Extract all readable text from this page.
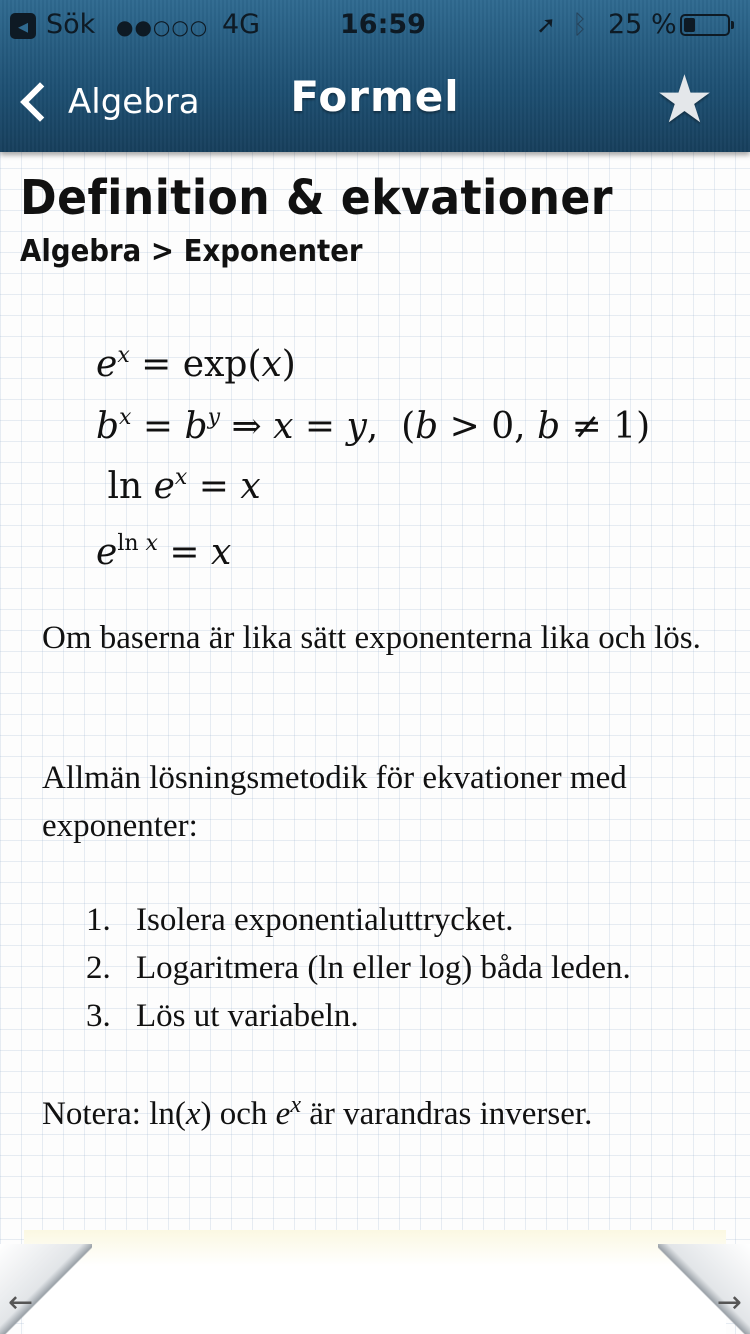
◂ Sök ●●○○○ 4G	16:59	➚ ᛒ 25 %
Algebra	Formel	★
Definition & ekvationer
Algebra > Exponenter
$e^x = \exp(x)$
$b^x = b^y$ ⇒ x = y,  (b > 0, b ≠ 1)
$\ln e^x = x$
$e^{ln x} = x$
Om baserna är lika sätt exponenterna lika och lös.
Allmän lösningsmetodik för ekvationer med exponenter:
1. Isolera exponentialuttrycket.
2. Logaritmera (ln eller log) båda leden.
3. Lös ut variabeln.
Notera: ln(x) och $e^x$ är varandras inverser.
←	→
